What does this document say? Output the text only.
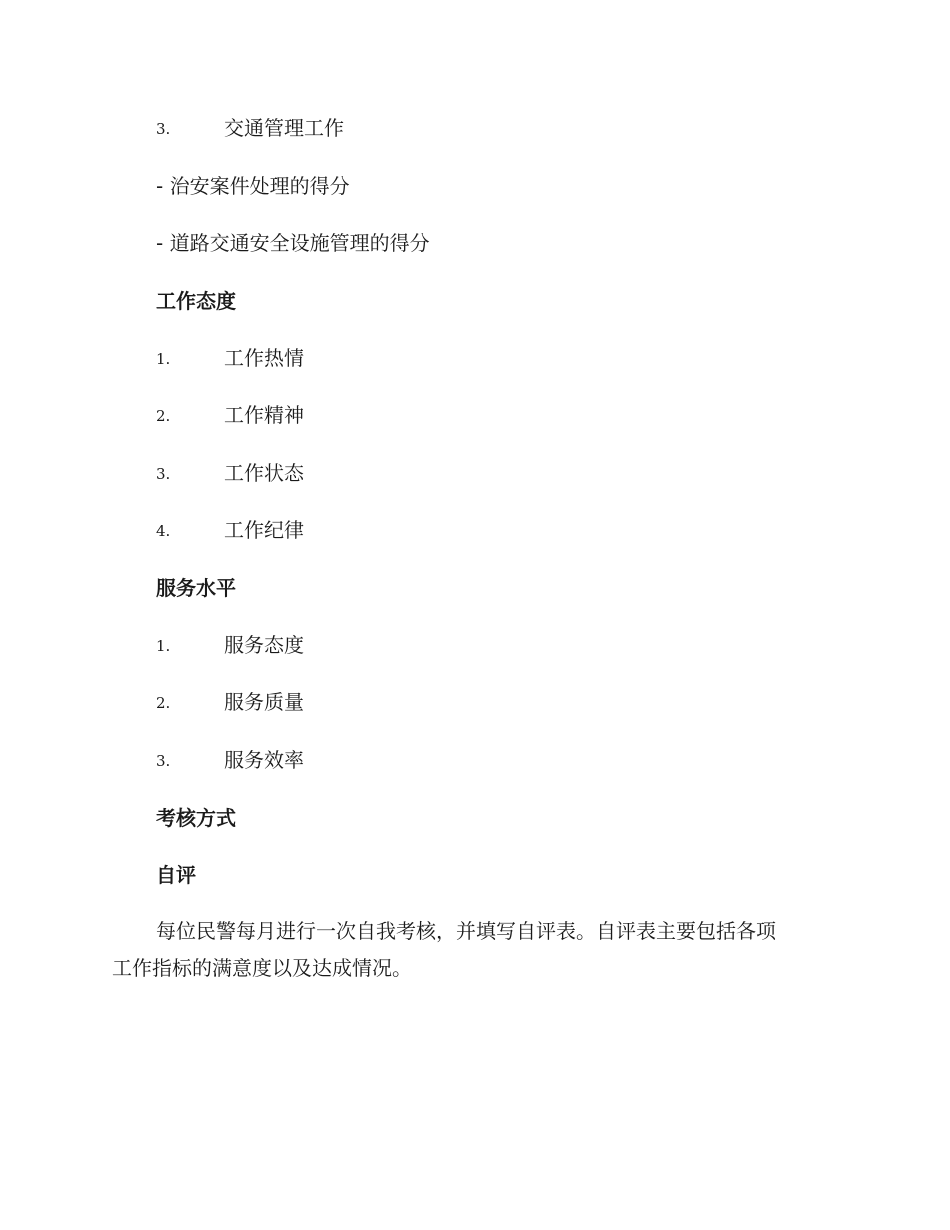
3.	交通管理工作
- 治安案件处理的得分
- 道路交通安全设施管理的得分
工作态度
1.	工作热情
2.	工作精神
3.	工作状态
4.	工作纪律
服务水平
1.	服务态度
2.	服务质量
3.	服务效率
考核方式
自评
每位民警每月进行一次自我考核，并填写自评表。自评表主要包括各项
工作指标的满意度以及达成情况。
